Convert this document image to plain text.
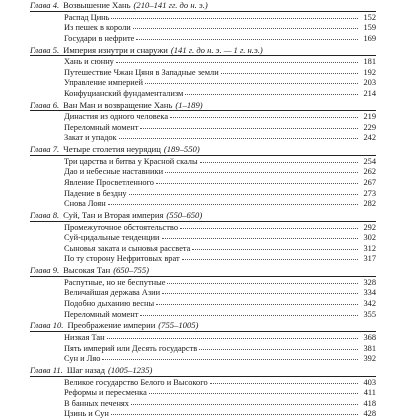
Глава 4. Возвышение Хань (210–141 гг. до н. э.)
Распад Цинь	152
Из пешек в короли	159
Государи в нефрите	169
Глава 5. Империя изнутри и снаружи (141 г. до н. э. — 1 г. н.э.)
Хань и сюнну	181
Путешествие Чжан Цяня в Западные земли	192
Управление империей	203
Конфуцианский фундаментализм	214
Глава 6. Ван Ман и возвращение Хань (1–189)
Династия из одного человека	219
Переломный момент	229
Закат и упадок	242
Глава 7. Четыре столетия неурядиц (189–550)
Три царства и битва у Красной скалы	254
Дао и небесные наставники	262
Явление Просветленного	267
Падение в бездну	273
Снова Лоян	282
Глава 8. Суй, Тан и Вторая империя (550–650)
Промежуточное обстоятельство	292
Суй-цидальные тенденции	302
Сыновья заката и сыновья рассвета	312
По ту сторону Нефритовых врат	317
Глава 9. Высокая Тан (650–755)
Распутные, но не беспутные	328
Величайшая держава Азии	334
Подобно дыханию весны	342
Переломный момент	355
Глава 10. Преображение империи (755–1005)
Низкая Тан	368
Пять империй или Десять государств	381
Сун и Ляо	392
Глава 11. Шаг назад (1005–1235)
Великое государство Белого и Высокого	403
Реформы и пересменка	411
В банных печенях	418
Цзинь и Сун	428
